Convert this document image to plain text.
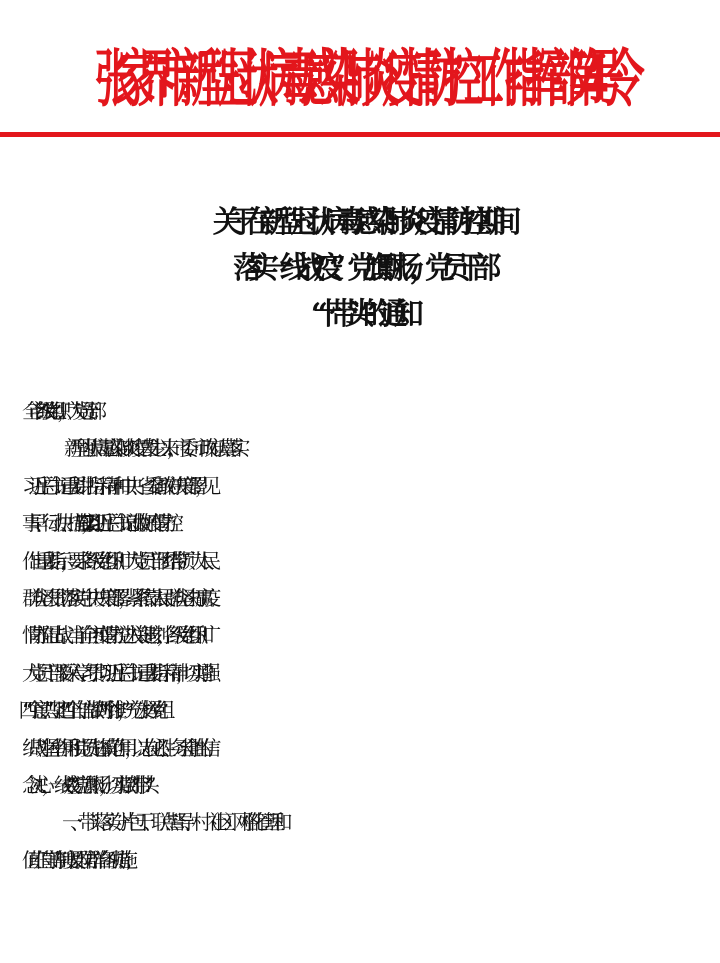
张家界市新型冠状病毒感染肺炎疫情防控工作指挥部第 4 号令
关于在新型冠状病毒感染肺炎疫情防控期间
落实一线战“疫”、党旗飘扬，党员干部
“十带头”的通知

全市各级党组织，广大党员干部：

新型冠状病毒感染肺炎疫情发生以来，市委、市政府认真落实

习近平总书记重要讲话指示精神和中央、省委省政府决策部署，见

事早、行动快、措施实。1 月 27 日，习近平总书记就做好疫情防控

作出重要指示，要求各级党组织和广大党员干部团结带领广大人民

群众坚决贯彻落实党中央决策部署，紧紧依靠人民群众坚决打赢疫

情防控阻击战。当前全市疫情防控进入关键时刻，各级党组织和广

大党员干部要深入学习贯彻习近平总书记重要指示精神，切实增强

“四个意识”、坚定“四个自信”、做到“两个维护”，充分发挥党组

织战斗堡垒作用和党员先锋模范作用，以志在必胜、务求全胜的信

念决心，一线战“疫”、党旗飘扬，切实做到“十带头”：

一、带头落实分片包干、联点督导、村（社区）网格化管理和

值班值守等制度及群防群治各项措施；
